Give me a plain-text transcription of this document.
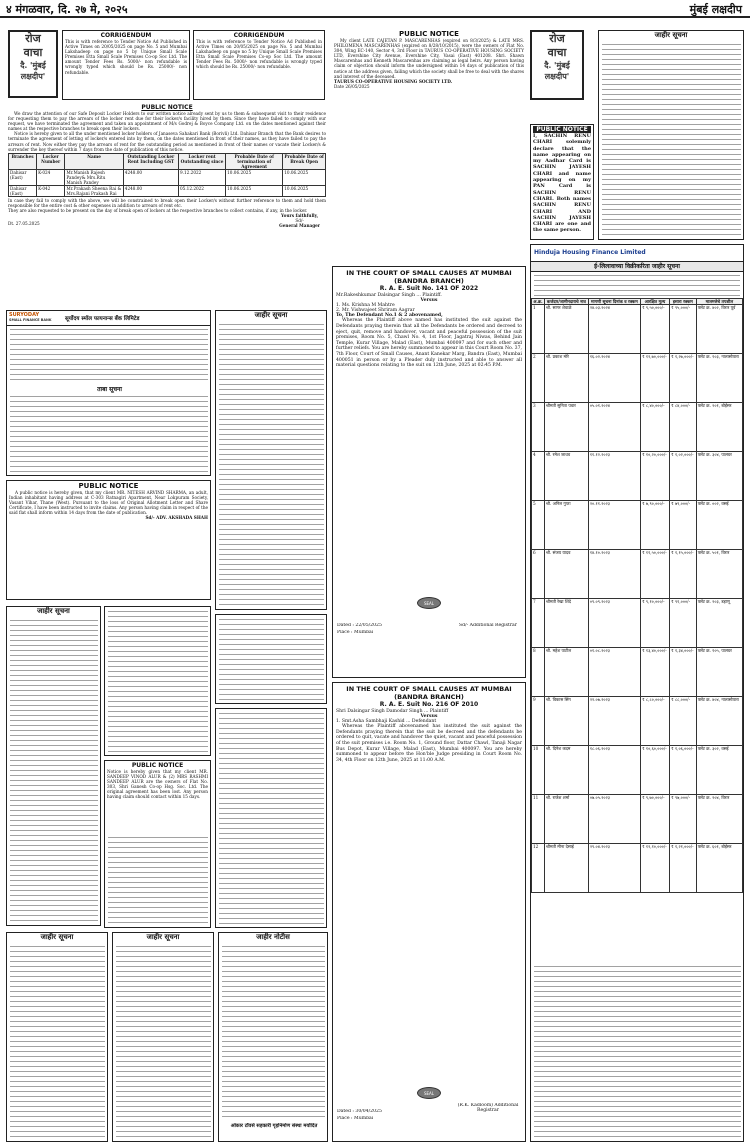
४ मंगळवार, दि. २७ मे, २०२५	मुंबई लक्षदीप
रोज
वाचा
दै. 'मुंबई
लक्षदीप'

CORRIGENDUM

This is with reference to Tender Notice Ad Published in Active Times on 20/05/2025 on page No. 5 and Mumbai Lakshadeep on page no 5 by Unique Small Scale Premises Etta Small Scale Premises Co-op Soc Ltd. The amount Tender Fees Rs. 5000/- non refundable is wrongly typed which should be Rs. 25000/- non refundable.

CORRIGENDUM

This is with reference to Tender Notice Ad Published in Active Times on 20/05/2025 on page No. 5 and Mumbai Lakshadeep on page no 5 by Unique Small Scale Premises Etta Small Scale Premises Co-op Soc Ltd. The amount Tender Fees Rs. 5000/- non refundable is wrongly typed which should be Rs. 25000/- non refundable.

PUBLIC NOTICE

We draw the attention of our Safe Deposit Locker Holders to our written notice already sent by us to them & subsequent visit to their residence for requesting them to pay the arrears of the locker rent due for their locker/s facility hired by them. Since they have failed to comply with our request, we have terminated the agreement and taken an appointment of M/s Godrej & Boyce Company Ltd. on the dates mentioned against their names at the respective branches to break open their lockers.

Notice is hereby given to all the under mentioned locker holders of Janaseva Sahakari Bank (Borivli) Ltd. Dahisar Branch that the Bank desires to terminate the agreement of letting of locker/s entered into by them, on the dates mentioned in front of their names, as they have failed to pay the arrears of rent. Now either they pay the arrears of rent for the outstanding period as mentioned in front of their names or vacate their Locker/s & surrender the key thereof within 7 days from the date of publication of this notice.

Branches	Locker Number	Name	Outstanding Locker Rent Including GST	Locker rent Outstanding since	Probable Date of termination of Agreement	Probable Date of Break Open
Dahisar (East)	K-024	Mr.Manish Rajesh Pandey& Mrs.Ritu Manish Pandey	4248.00	9.12.2022	10.06.2025	10.06.2025
Dahisar (East)	K-042	Mr.Prakash Sheena Rai & Mrs.Rajani Prakash Rai	4248.00	05.12.2022	10.06.2025	10.06.2025

In case they fail to comply with the above, we will be constrained to break open their Locker/s without further reference to them and hold them responsible for the entire cost & other expenses in addition to arrears of rent etc.

They are also requested to be present on the day of break open of lockers at the respective branches to collect contains, if any, in the locker.

Dt. 27.05.2025

Yours faithfully,

Sd/-

General Manager

SURYODAY
SMALL FINANCE BANK सूर्योदय स्मॉल फायनान्स बँक लिमिटेड

ताबा सूचना

PUBLIC NOTICE

A public notice is hereby given, that my client MR. NITESH ARVIND SHARMA, an adult, Indian inhabitant having address at C-303 Ratnagiri Apartment, Near Lokpuram Society, Vasant Vihar, Thane (West). Pursuant to the loss of Original Allotment Letter and Share Certificate, I have been instructed to invite claims. Any person having claim in respect of the said flat shall inform within 14 days from the date of publication.

Sd/- ADV. AKSHADA SHAH

जाहीर सूचना

PUBLIC NOTICE

Notice is hereby given that my client MR. SANDEEP VINOD ALUR & (2) MRS RASHMI SANDEEP ALUR are the owners of Flat No. 303, Shri Ganesh Co-op Hsg. Soc. Ltd. The original agreement has been lost. Any person having claim should contact within 15 days.

जाहीर सूचना	जाहीर सूचना

जाहीर सूचना

जाहीर नोटीस

ओंकार टॉवर्स सहकारी गृहनिर्माण संस्था मर्यादित

PUBLIC NOTICE

My client LATE CAJETAN P. MASCARENHAS (expired on 8/3/2025) & LATE MRS. PHILOMENA MASCARENHAS (expired on 8/28/10/2015), were the owners of Flat No. 304, Wing EC-140, Sector 4, 3rd Floor in TAURUS CO-OPERATIVE HOUSING SOCIETY LTD, Evershine City Avenue, Evershine City, Vasai (East) 401208. Shri. Shawn Mascarenhas and Kenneth Mascarenhas are claiming as legal heirs. Any person having claim or objection should inform the undersigned within 14 days of publication of this notice at the address given, failing which the society shall be free to deal with the shares and interest of the deceased.

TAURUS CO-OPERATIVE HOUSING SOCIETY LTD.

Date 26/05/2025

IN THE COURT OF SMALL CAUSES AT MUMBAI (BANDRA BRANCH)

R. A. E. Suit No. 141 OF 2022

Mr.Rakeshkumar Dalsingar Singh ... Plaintiff.

Versus

1. Ms. Krishna M Mahtre

2. Mr. Vishwajeet Shriram Aagrar

To, The Defendant No.1 & 2 abovenamed,

Whereas the Plaintiff above named has instituted the suit against the Defendants praying therein that all the Defendants be ordered and decreed to eject, quit, remove and handover, vacant and peaceful possession of the suit premises, Room No. 5, Chawl No. 4, 1st Floor, Jagatraj Niwas, Behind Jain Temple, Kurar Village, Malad (East), Mumbai 400097 and for such other and further reliefs. You are hereby summoned to appear in this Court Room No. 37, 7th Floor, Court of Small Causes, Anant Kanekar Marg, Bandra (East), Mumbai 400051 in person or by a Pleader duly instructed and able to answer all material questions relating to the suit on 12th June, 2025 at 02:45 P.M.

SEAL

Dated : 22/05/2025

Place : Mumbai

Sd/- Additional Registrar

IN THE COURT OF SMALL CAUSES AT MUMBAI (BANDRA BRANCH)

R. A. E. Suit No. 216 OF 2010

Shri Dalsingar Singh Damodar Singh ... Plaintiff

Versus

1. Smt.Asha Sambhaji Kashid ... Defendant

Whereas the Plaintiff abovenamed has instituted the suit against the Defendants praying therein that the suit be decreed and the defendants be ordered to quit, vacate and handover the quiet, vacant and peaceful possession of the suit premises i.e. Room No. 1, Ground floor, Dattar Chawl, Tanaji Nagar Bus Depot, Kurar Village, Malad (East), Mumbai 400097. You are hereby summoned to appear before the Hon'ble Judge presiding in Court Room No. 34, 4th Floor on 12th June, 2025 at 11:00 A.M.

SEAL

Dated : 30/04/2025

Place : Mumbai

(R.K. Kadloom) Additional Registrar

रोज
वाचा
दै. 'मुंबई
लक्षदीप'

PUBLIC NOTICE

I, SACHIN RENU CHARI solemnly declare that the name appearing on my Aadhar Card is SACHIN JAYESH CHARI and name appearing on my PAN Card is SACHIN RENU CHARI. Both names SACHIN RENU CHARI AND SACHIN JAYESH CHARI are one and the same person.

जाहीर सूचना

Hinduja Housing Finance Limited
ई-लिलावाच्या विक्रीकरिता जाहीर सूचना
अ.क्र.	कर्जदार/जामीनदाराचे नाव	मागणी सूचना दिनांक व रक्कम	आरक्षित मूल्य	इसारा रक्कम	मालमत्तेचे तपशील
1	श्री. सागर शेवाळे	२४.०३.२०२४	₹ ९,५०,०००/-	₹ ९५,०००/-	फ्लॅट क्र. ४०२, विरार पूर्व
2	श्री. प्रकाश मोरे	१६.०२.२०२४	₹ १२,७०,०००/-	₹ १,२७,०००/-	फ्लॅट क्र. १०३, नालासोपारा
3	श्रीमती सुनिता पवार	०५.०१.२०२४	₹ ८,४०,०००/-	₹ ८४,०००/-	फ्लॅट क्र. २०१, बोईसर
4	श्री. रमेश जाधव	११.१२.२०२३	₹ १०,२०,०००/-	₹ १,०२,०००/-	फ्लॅट क्र. ३०४, पालघर
5	श्री. अनिल गुप्ता	२०.११.२०२३	₹ ७,९०,०००/-	₹ ७९,०००/-	फ्लॅट क्र. ००२, वसई
6	श्री. संजय यादव	१४.१०.२०२३	₹ ११,५०,०००/-	₹ १,१५,०००/-	फ्लॅट क्र. ५०१, विरार
7	श्रीमती रेखा शिंदे	०९.०९.२०२३	₹ ९,१०,०००/-	₹ ९१,०००/-	फ्लॅट क्र. २०३, डहाणू
8	श्री. महेश पाटील	०१.०८.२०२३	₹ १३,४०,०००/-	₹ १,३४,०००/-	फ्लॅट क्र. १०५, पालघर
9	श्री. विकास सिंग	२२.०७.२०२३	₹ ८,८०,०००/-	₹ ८८,०००/-	फ्लॅट क्र. ४०४, नालासोपारा
10	श्री. दिनेश कदम	१८.०६.२०२३	₹ १०,६०,०००/-	₹ १,०६,०००/-	फ्लॅट क्र. ३०२, वसई
11	श्री. राजेश शर्मा	०७.०५.२०२३	₹ ९,७०,०००/-	₹ ९७,०००/-	फ्लॅट क्र. २०४, विरार
12	श्रीमती मीना देसाई	२९.०४.२०२३	₹ १२,१०,०००/-	₹ १,२१,०००/-	फ्लॅट क्र. ६०१, बोईसर
